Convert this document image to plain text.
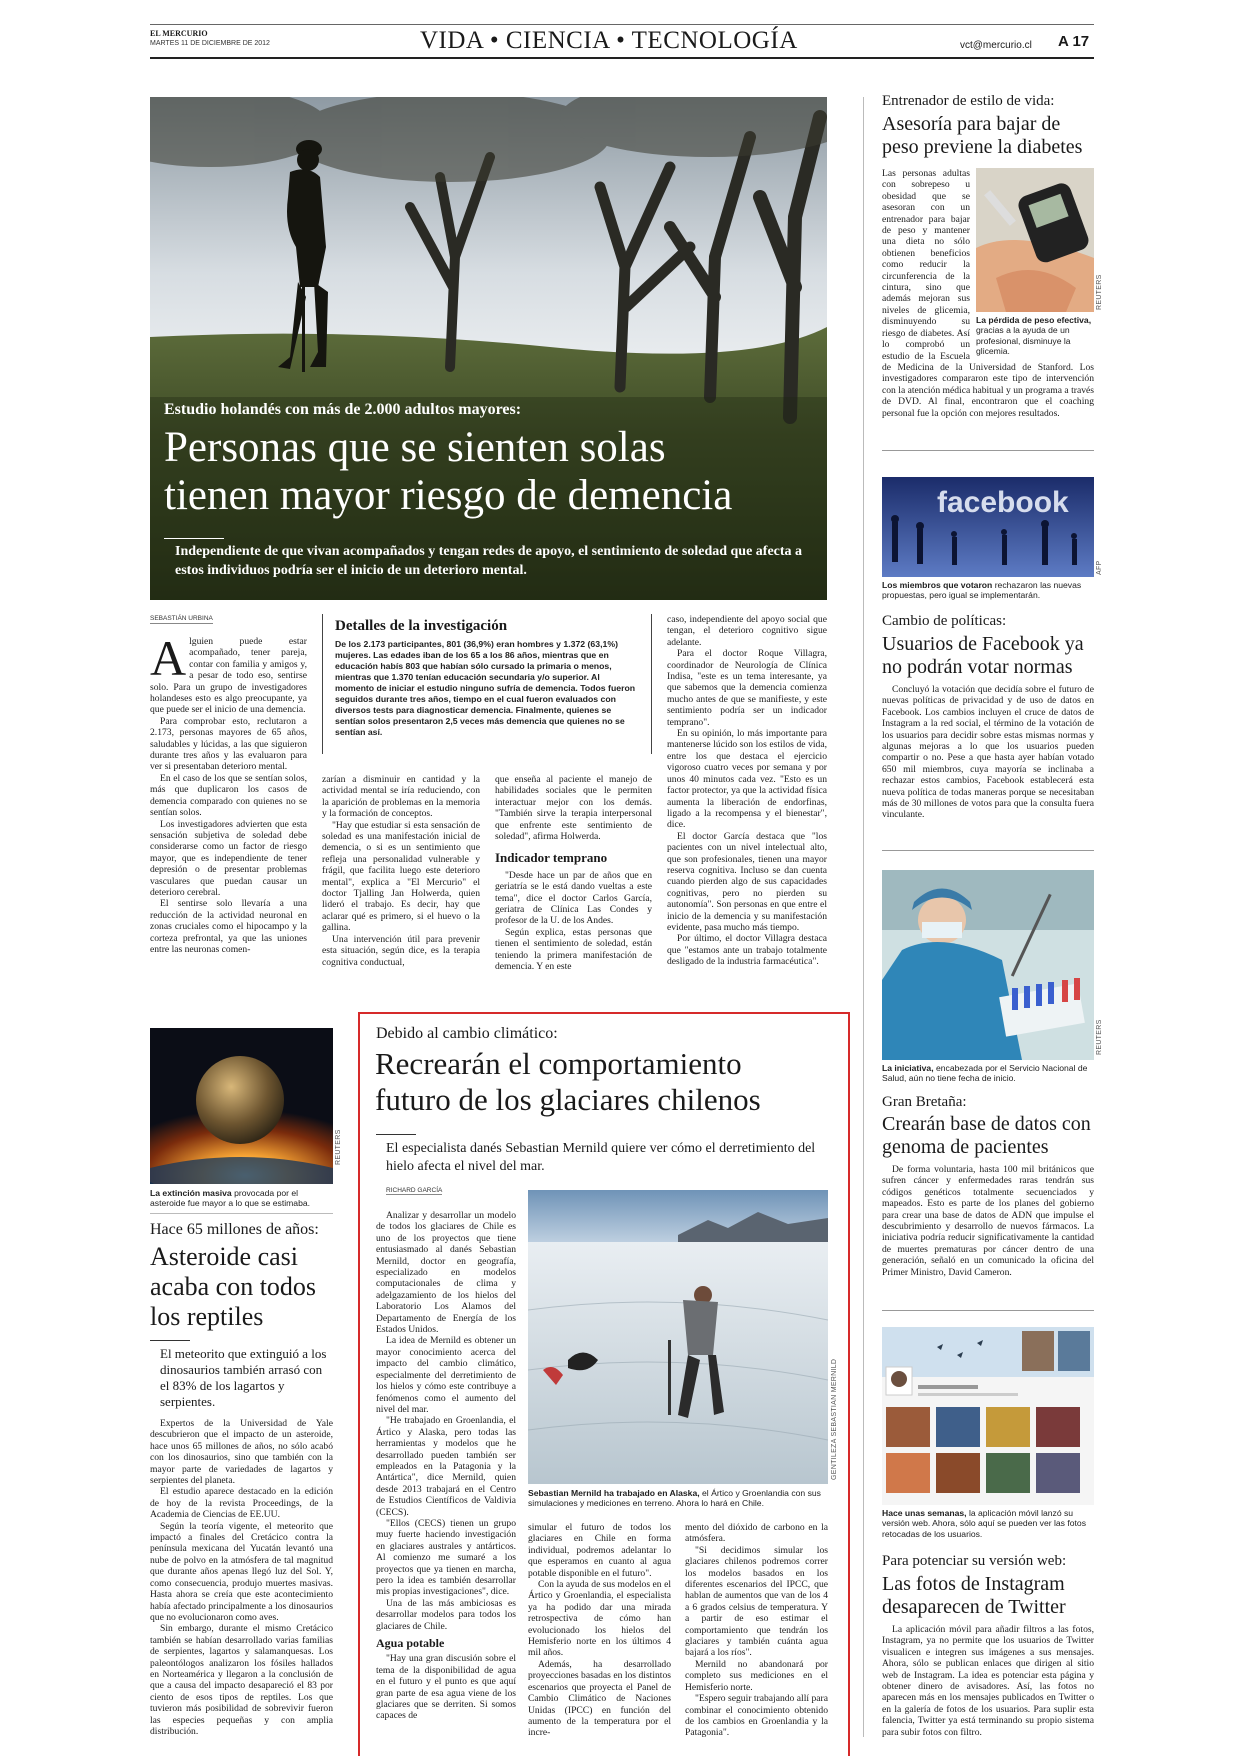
EL MERCURIO
MARTES 11 DE DICIEMBRE DE 2012	VIDA • CIENCIA • TECNOLOGÍA	vct@mercurio.cl A 17
Estudio holandés con más de 2.000 adultos mayores:
Personas que se sienten solas
tienen mayor riesgo de demencia
Independiente de que vivan acompañados y tengan redes de apoyo, el sentimiento de soledad que afecta a estos individuos podría ser el inicio de un deterioro mental.
SEBASTIÁN URBINA
A lguien puede estar acompañado, tener pareja, contar con familia y amigos y, a pesar de todo eso, sentirse solo. Para un grupo de investigadores holandeses esto es algo preocupante, ya que puede ser el inicio de una demencia.

Para comprobar esto, reclutaron a 2.173, personas mayores de 65 años, saludables y lúcidas, a las que siguieron durante tres años y las evaluaron para ver si presentaban deterioro mental.

En el caso de los que se sentían solos, más que duplicaron los casos de demencia comparado con quienes no se sentían solos.

Los investigadores advierten que esta sensación subjetiva de soledad debe considerarse como un factor de riesgo mayor, que es independiente de tener depresión o de presentar problemas vasculares que puedan causar un deterioro cerebral.

El sentirse solo llevaría a una reducción de la actividad neuronal en zonas cruciales como el hipocampo y la corteza prefrontal, ya que las uniones entre las neuronas comen-

Detalles de la investigación
De los 2.173 participantes, 801 (36,9%) eran hombres y 1.372 (63,1%) mujeres. Las edades iban de los 65 a los 86 años, mientras que en educación habís 803 que habían sólo cursado la primaria o menos, mientras que 1.370 tenían educación secundaria y/o superior. Al momento de iniciar el estudio ninguno sufría de demencia. Todos fueron seguidos durante tres años, tiempo en el cual fueron evaluados con diversos tests para diagnosticar demencia. Finalmente, quienes se sentían solos presentaron 2,5 veces más demencia que quienes no se sentían así.
zarían a disminuir en cantidad y la actividad mental se iría reduciendo, con la aparición de problemas en la memoria y la formación de conceptos.

"Hay que estudiar si esta sensación de soledad es una manifestación inicial de demencia, o si es un sentimiento que refleja una personalidad vulnerable y frágil, que facilita luego este deterioro mental", explica a "El Mercurio" el doctor Tjalling Jan Holwerda, quien lideró el trabajo. Es decir, hay que aclarar qué es primero, si el huevo o la gallina.

Una intervención útil para prevenir esta situación, según dice, es la terapia cognitiva conductual,

que enseña al paciente el manejo de habilidades sociales que le permiten interactuar mejor con los demás. "También sirve la terapia interpersonal que enfrente este sentimiento de soledad", afirma Holwerda.
Indicador temprano

"Desde hace un par de años que en geriatría se le está dando vueltas a este tema", dice el doctor Carlos García, geriatra de Clínica Las Condes y profesor de la U. de los Andes.

Según explica, estas personas que tienen el sentimiento de soledad, están teniendo la primera manifestación de demencia. Y en este

caso, independiente del apoyo social que tengan, el deterioro cognitivo sigue adelante.

Para el doctor Roque Villagra, coordinador de Neurología de Clínica Indisa, "este es un tema interesante, ya que sabemos que la demencia comienza mucho antes de que se manifieste, y este sentimiento podría ser un indicador temprano".

En su opinión, lo más importante para mantenerse lúcido son los estilos de vida, entre los que destaca el ejercicio vigoroso cuatro veces por semana y por unos 40 minutos cada vez. "Esto es un factor protector, ya que la actividad física aumenta la liberación de endorfinas, ligado a la recompensa y el bienestar", dice.

El doctor García destaca que "los pacientes con un nivel intelectual alto, que son profesionales, tienen una mayor reserva cognitiva. Incluso se dan cuenta cuando pierden algo de sus capacidades cognitivas, pero no pierden su autonomía". Son personas en que entre el inicio de la demencia y su manifestación evidente, pasa mucho más tiempo.

Por último, el doctor Villagra destaca que "estamos ante un trabajo totalmente desligado de la industria farmacéutica".

REUTERS
La extinción masiva provocada por el asteroide fue mayor a lo que se estimaba.
Hace 65 millones de años:
Asteroide casi
acaba con todos
los reptiles
El meteorito que extinguió a los dinosaurios también arrasó con el 83% de los lagartos y serpientes.

Expertos de la Universidad de Yale descubrieron que el impacto de un asteroide, hace unos 65 millones de años, no sólo acabó con los dinosaurios, sino que también con la mayor parte de variedades de lagartos y serpientes del planeta.

El estudio aparece destacado en la edición de hoy de la revista Proceedings, de la Academia de Ciencias de EE.UU.

Según la teoría vigente, el meteorito que impactó a finales del Cretácico contra la península mexicana del Yucatán levantó una nube de polvo en la atmósfera de tal magnitud que durante años apenas llegó luz del Sol. Y, como consecuencia, produjo muertes masivas. Hasta ahora se creía que este acontecimiento había afectado principalmente a los dinosaurios que no evolucionaron como aves.

Sin embargo, durante el mismo Cretácico también se habían desarrollado varias familias de serpientes, lagartos y salamanquesas. Los paleontólogos analizaron los fósiles hallados en Norteamérica y llegaron a la conclusión de que a causa del impacto desapareció el 83 por ciento de esos tipos de reptiles. Los que tuvieron más posibilidad de sobrevivir fueron las especies pequeñas y con amplia distribución.

Debido al cambio climático:
Recrearán el comportamiento
futuro de los glaciares chilenos
El especialista danés Sebastian Mernild quiere ver cómo el derretimiento del hielo afecta el nivel del mar.
RICHARD GARCÍA

Analizar y desarrollar un modelo de todos los glaciares de Chile es uno de los proyectos que tiene entusiasmado al danés Sebastian Mernild, doctor en geografía, especializado en modelos computacionales de clima y adelgazamiento de los hielos del Laboratorio Los Alamos del Departamento de Energía de los Estados Unidos.

La idea de Mernild es obtener un mayor conocimiento acerca del impacto del cambio climático, especialmente del derretimiento de los hielos y cómo este contribuye a fenómenos como el aumento del nivel del mar.

"He trabajado en Groenlandia, el Ártico y Alaska, pero todas las herramientas y modelos que he desarrollado pueden también ser empleados en la Patagonia y la Antártica", dice Mernild, quien desde 2013 trabajará en el Centro de Estudios Científicos de Valdivia (CECS).

"Ellos (CECS) tienen un grupo muy fuerte haciendo investigación en glaciares australes y antárticos. Al comienzo me sumaré a los proyectos que ya tienen en marcha, pero la idea es también desarrollar mis propias investigaciones", dice.

Una de las más ambiciosas es desarrollar modelos para todos los glaciares de Chile.

Agua potable

"Hay una gran discusión sobre el tema de la disponibilidad de agua en el futuro y el punto es que aquí gran parte de esa agua viene de los glaciares que se derriten. Si somos capaces de

GENTILEZA SEBASTIAN MERNILD
Sebastian Mernild ha trabajado en Alaska, el Ártico y Groenlandia con sus simulaciones y mediciones en terreno. Ahora lo hará en Chile.
simular el futuro de todos los glaciares en Chile en forma individual, podremos adelantar lo que esperamos en cuanto al agua potable disponible en el futuro".

Con la ayuda de sus modelos en el Ártico y Groenlandia, el especialista ya ha podido dar una mirada retrospectiva de cómo han evolucionado los hielos del Hemisferio norte en los últimos 4 mil años.

Además, ha desarrollado proyecciones basadas en los distintos escenarios que proyecta el Panel de Cambio Climático de Naciones Unidas (IPCC) en función del aumento de la temperatura por el incre-

mento del dióxido de carbono en la atmósfera.

"Si decidimos simular los glaciares chilenos podremos correr los modelos basados en los diferentes escenarios del IPCC, que hablan de aumentos que van de los 4 a 6 grados celsius de temperatura. Y a partir de eso estimar el comportamiento que tendrán los glaciares y también cuánta agua bajará a los ríos".

Mernild no abandonará por completo sus mediciones en el Hemisferio norte.

"Espero seguir trabajando allí para combinar el conocimiento obtenido de los cambios en Groenlandia y la Patagonia".

Entrenador de estilo de vida:
Asesoría para bajar de peso previene la diabetes
Las personas adultas con sobrepeso u obesidad que se asesoran con un entrenador para bajar de peso y mantener una dieta no sólo obtienen beneficios como reducir la circunferencia de la cintura, sino que además mejoran sus niveles de glicemia, disminuyendo su riesgo de diabetes. Así lo comprobó un estudio de la Escuela de Medicina de la Universidad de Stanford. Los investigadores compararon este tipo de intervención con la atención médica habitual y un programa a través de DVD. Al final, encontraron que el coaching personal fue la opción con mejores resultados.
La pérdida de peso efectiva, gracias a la ayuda de un profesional, disminuye la glicemia.
REUTERS
facebook
AFP
Los miembros que votaron rechazaron las nuevas propuestas, pero igual se implementarán.
Cambio de políticas:
Usuarios de Facebook ya no podrán votar normas

Concluyó la votación que decidía sobre el futuro de nuevas políticas de privacidad y de uso de datos en Facebook. Los cambios incluyen el cruce de datos de Instagram a la red social, el término de la votación de los usuarios para decidir sobre estas mismas normas y algunas mejoras a lo que los usuarios pueden compartir o no. Pese a que hasta ayer habían votado 650 mil miembros, cuya mayoría se inclinaba a rechazar estos cambios, Facebook establecerá esta nueva política de todas maneras porque se necesitaban más de 30 millones de votos para que la consulta fuera vinculante.

REUTERS
La iniciativa, encabezada por el Servicio Nacional de Salud, aún no tiene fecha de inicio.
Gran Bretaña:
Crearán base de datos con genoma de pacientes

De forma voluntaria, hasta 100 mil británicos que sufren cáncer y enfermedades raras tendrán sus códigos genéticos totalmente secuenciados y mapeados. Esto es parte de los planes del gobierno para crear una base de datos de ADN que impulse el descubrimiento y desarrollo de nuevos fármacos. La iniciativa podría reducir significativamente la cantidad de muertes prematuras por cáncer dentro de una generación, señaló en un comunicado la oficina del Primer Ministro, David Cameron.

Hace unas semanas, la aplicación móvil lanzó su versión web. Ahora, sólo aquí se pueden ver las fotos retocadas de los usuarios.
Para potenciar su versión web:
Las fotos de Instagram desaparecen de Twitter

La aplicación móvil para añadir filtros a las fotos, Instagram, ya no permite que los usuarios de Twitter visualicen e integren sus imágenes a sus mensajes. Ahora, sólo se publican enlaces que dirigen al sitio web de Instagram. La idea es potenciar esta página y obtener dinero de avisadores. Así, las fotos no aparecen más en los mensajes publicados en Twitter o en la galería de fotos de los usuarios. Para suplir esta falencia, Twitter ya está terminando su propio sistema para subir fotos con filtro.
